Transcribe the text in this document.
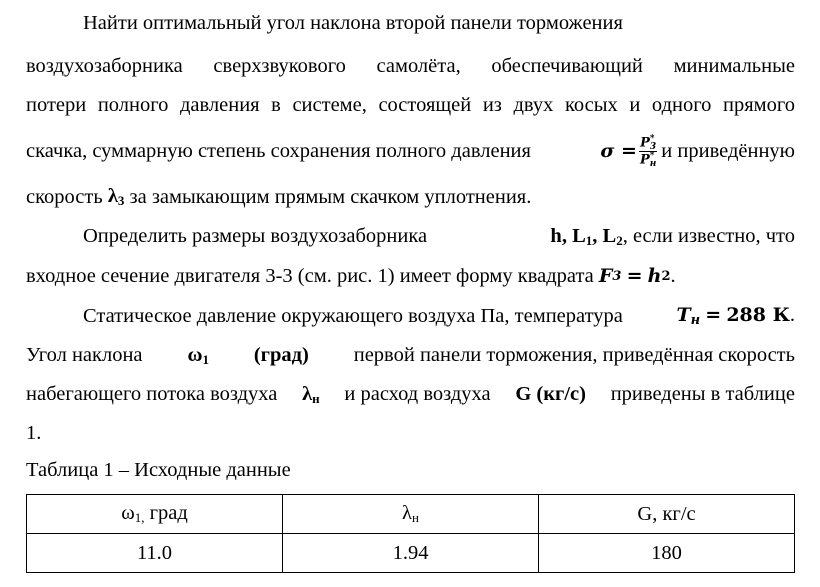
Найти оптимальный угол наклона второй панели торможения
воздухозаборника сверхзвукового самолёта, обеспечивающий минимальные
потери полного давления в системе, состоящей из двух косых и одного прямого
скачка, суммарную степень сохранения полного давления	σ = P *
3
P *
н и приведённую
скорость
$\lambda_3$
за замыкающим прямым скачком уплотнения.
Определить размеры воздухозаборника	h, $L_1$, $L_2$, если известно, что
входное сечение двигателя 3-3 (см. рис. 1) имеет форму квадрата
F 3
=
h 2 .
Статическое давление окружающего воздуха Па, температура	$T_н = 288$ К.
Угол наклона $\omega_1$ (град) первой панели торможения, приведённая скорость
набегающего потока воздуха $\lambda_н$ и расход воздуха G (кг/с) приведены в таблице
1.
Таблица 1 – Исходные данные
$\omega_{1,}$ град	$\lambda_н$	G, кг/с
11.0	1.94	180
